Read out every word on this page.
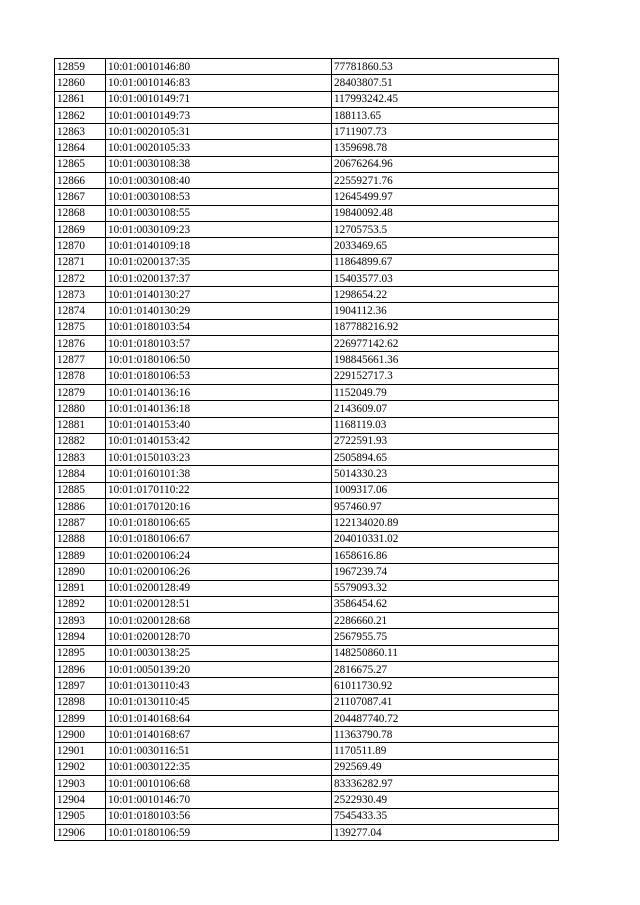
12859	10:01:0010146:80	77781860.53
12860	10:01:0010146:83	28403807.51
12861	10:01:0010149:71	117993242.45
12862	10:01:0010149:73	188113.65
12863	10:01:0020105:31	1711907.73
12864	10:01:0020105:33	1359698.78
12865	10:01:0030108:38	20676264.96
12866	10:01:0030108:40	22559271.76
12867	10:01:0030108:53	12645499.97
12868	10:01:0030108:55	19840092.48
12869	10:01:0030109:23	12705753.5
12870	10:01:0140109:18	2033469.65
12871	10:01:0200137:35	11864899.67
12872	10:01:0200137:37	15403577.03
12873	10:01:0140130:27	1298654.22
12874	10:01:0140130:29	1904112.36
12875	10:01:0180103:54	187788216.92
12876	10:01:0180103:57	226977142.62
12877	10:01:0180106:50	198845661.36
12878	10:01:0180106:53	229152717.3
12879	10:01:0140136:16	1152049.79
12880	10:01:0140136:18	2143609.07
12881	10:01:0140153:40	1168119.03
12882	10:01:0140153:42	2722591.93
12883	10:01:0150103:23	2505894.65
12884	10:01:0160101:38	5014330.23
12885	10:01:0170110:22	1009317.06
12886	10:01:0170120:16	957460.97
12887	10:01:0180106:65	122134020.89
12888	10:01:0180106:67	204010331.02
12889	10:01:0200106:24	1658616.86
12890	10:01:0200106:26	1967239.74
12891	10:01:0200128:49	5579093.32
12892	10:01:0200128:51	3586454.62
12893	10:01:0200128:68	2286660.21
12894	10:01:0200128:70	2567955.75
12895	10:01:0030138:25	148250860.11
12896	10:01:0050139:20	2816675.27
12897	10:01:0130110:43	61011730.92
12898	10:01:0130110:45	21107087.41
12899	10:01:0140168:64	204487740.72
12900	10:01:0140168:67	11363790.78
12901	10:01:0030116:51	1170511.89
12902	10:01:0030122:35	292569.49
12903	10:01:0010106:68	83336282.97
12904	10:01:0010146:70	2522930.49
12905	10:01:0180103:56	7545433.35
12906	10:01:0180106:59	139277.04
